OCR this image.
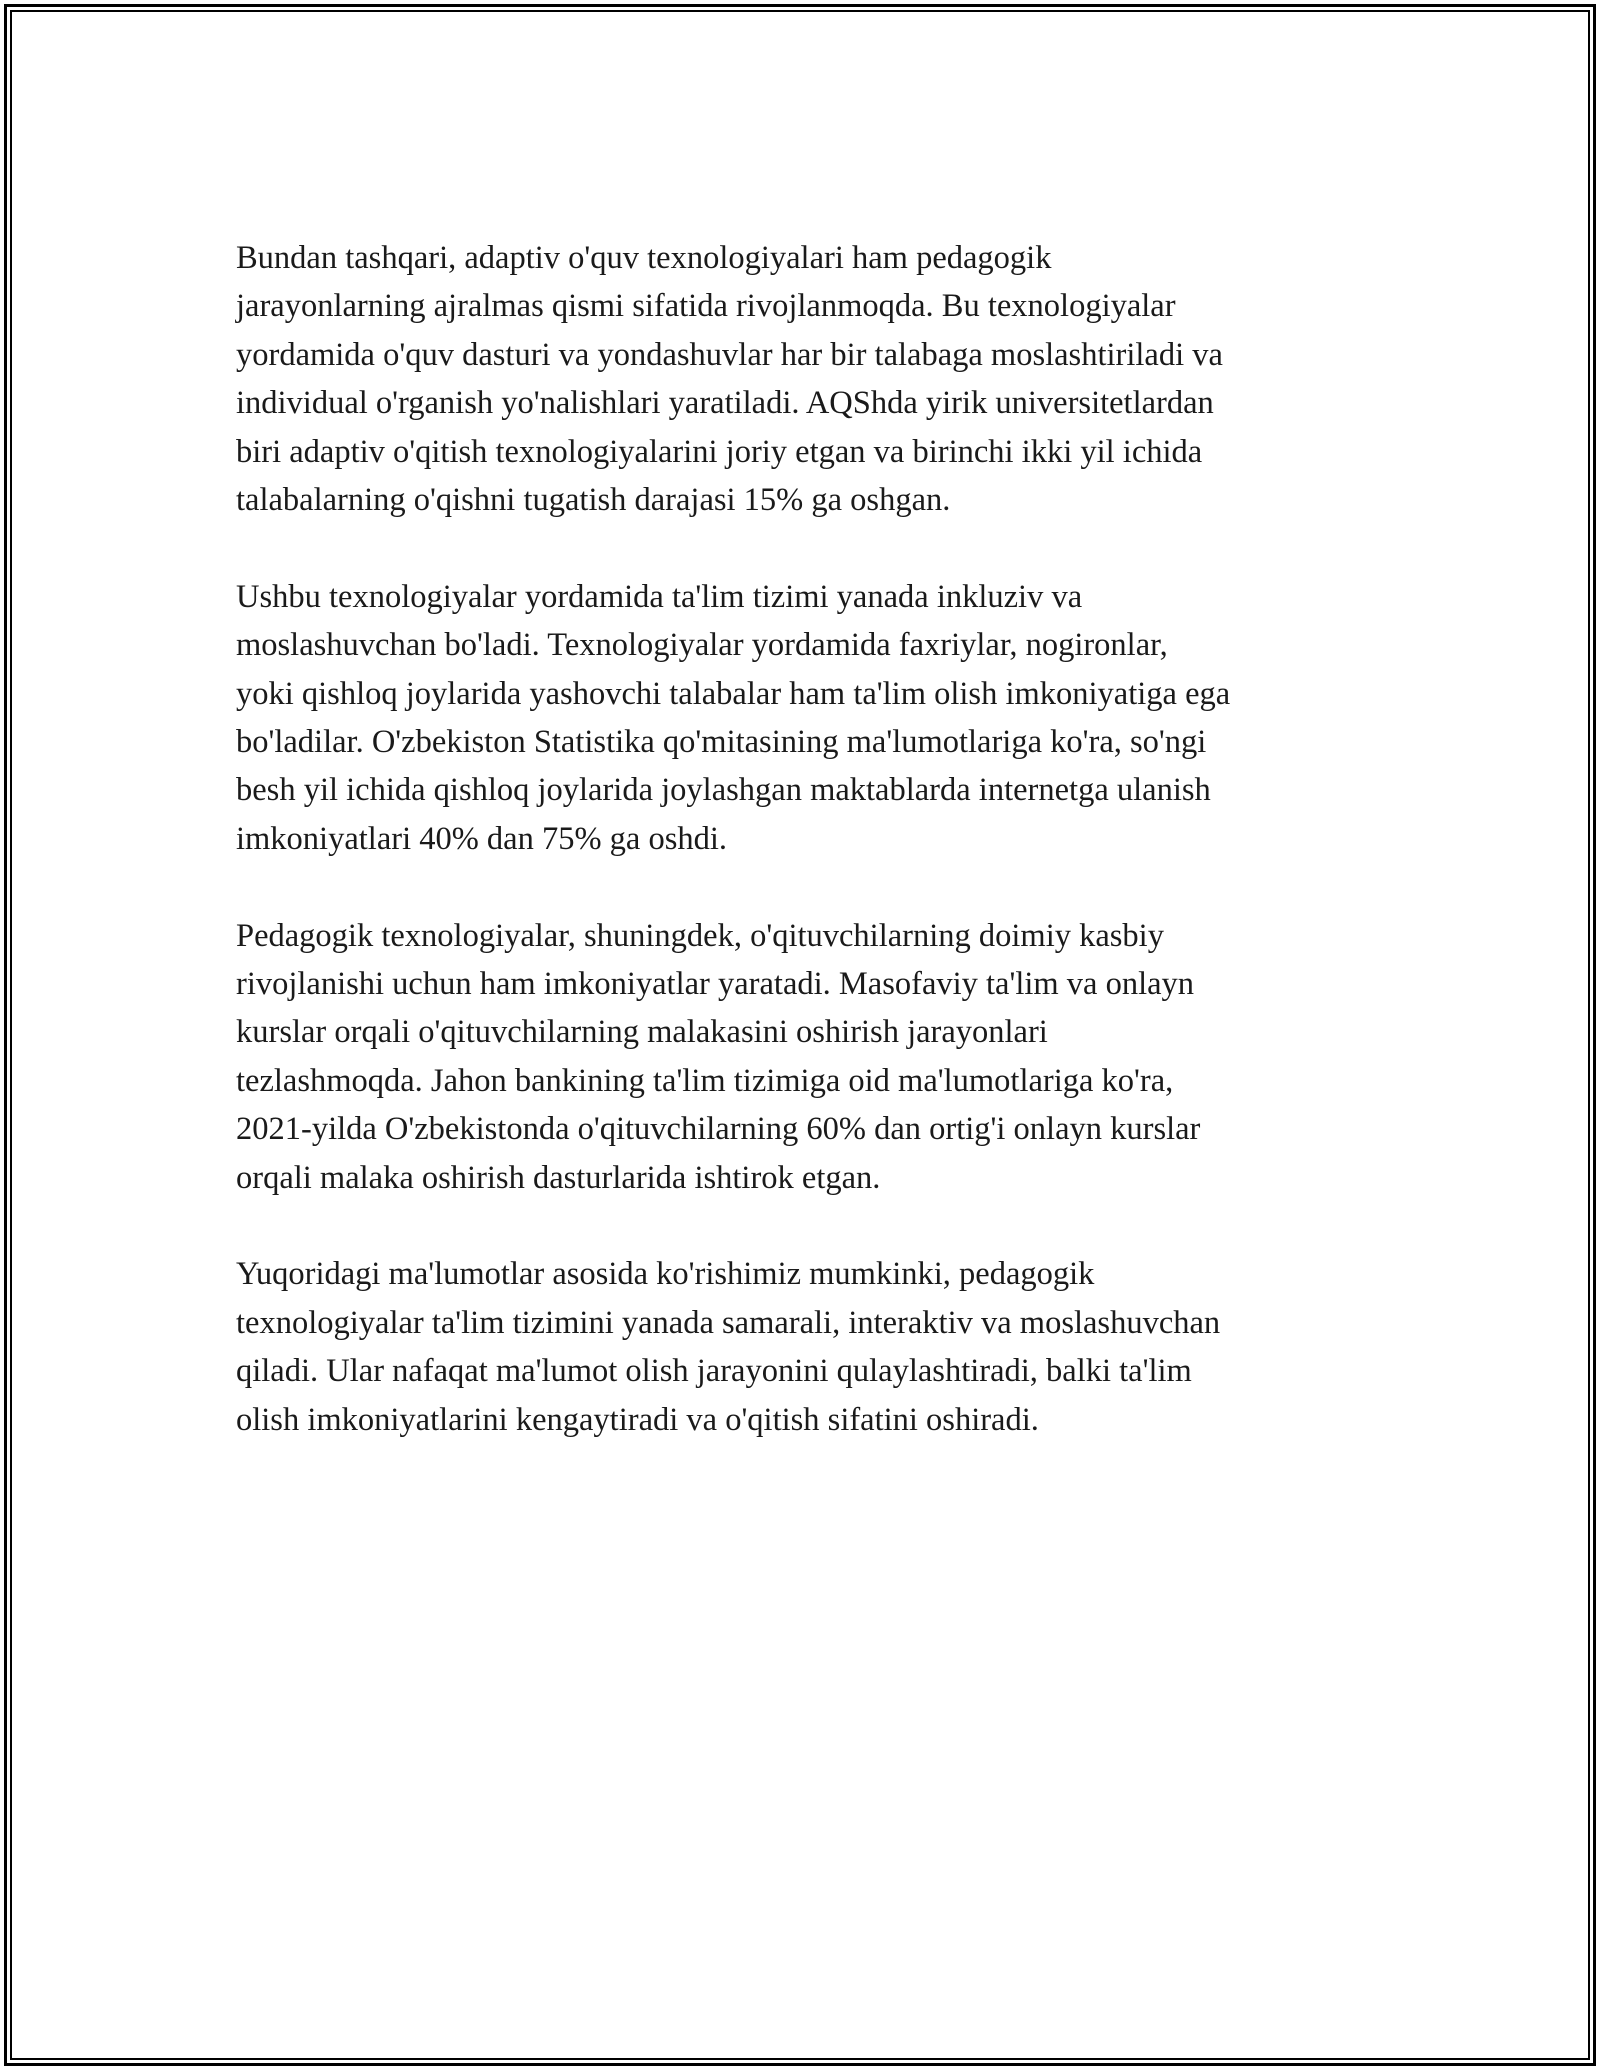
Bundan tashqari, adaptiv o'quv texnologiyalari ham pedagogik
jarayonlarning ajralmas qismi sifatida rivojlanmoqda. Bu texnologiyalar
yordamida o'quv dasturi va yondashuvlar har bir talabaga moslashtiriladi va
individual o'rganish yo'nalishlari yaratiladi. AQShda yirik universitetlardan
biri adaptiv o'qitish texnologiyalarini joriy etgan va birinchi ikki yil ichida
talabalarning o'qishni tugatish darajasi 15% ga oshgan.

Ushbu texnologiyalar yordamida ta'lim tizimi yanada inkluziv va
moslashuvchan bo'ladi. Texnologiyalar yordamida faxriylar, nogironlar,
yoki qishloq joylarida yashovchi talabalar ham ta'lim olish imkoniyatiga ega
bo'ladilar. O'zbekiston Statistika qo'mitasining ma'lumotlariga ko'ra, so'ngi
besh yil ichida qishloq joylarida joylashgan maktablarda internetga ulanish
imkoniyatlari 40% dan 75% ga oshdi.

Pedagogik texnologiyalar, shuningdek, o'qituvchilarning doimiy kasbiy
rivojlanishi uchun ham imkoniyatlar yaratadi. Masofaviy ta'lim va onlayn
kurslar orqali o'qituvchilarning malakasini oshirish jarayonlari
tezlashmoqda. Jahon bankining ta'lim tizimiga oid ma'lumotlariga ko'ra,
2021-yilda O'zbekistonda o'qituvchilarning 60% dan ortig'i onlayn kurslar
orqali malaka oshirish dasturlarida ishtirok etgan.

Yuqoridagi ma'lumotlar asosida ko'rishimiz mumkinki, pedagogik
texnologiyalar ta'lim tizimini yanada samarali, interaktiv va moslashuvchan
qiladi. Ular nafaqat ma'lumot olish jarayonini qulaylashtiradi, balki ta'lim
olish imkoniyatlarini kengaytiradi va o'qitish sifatini oshiradi.
